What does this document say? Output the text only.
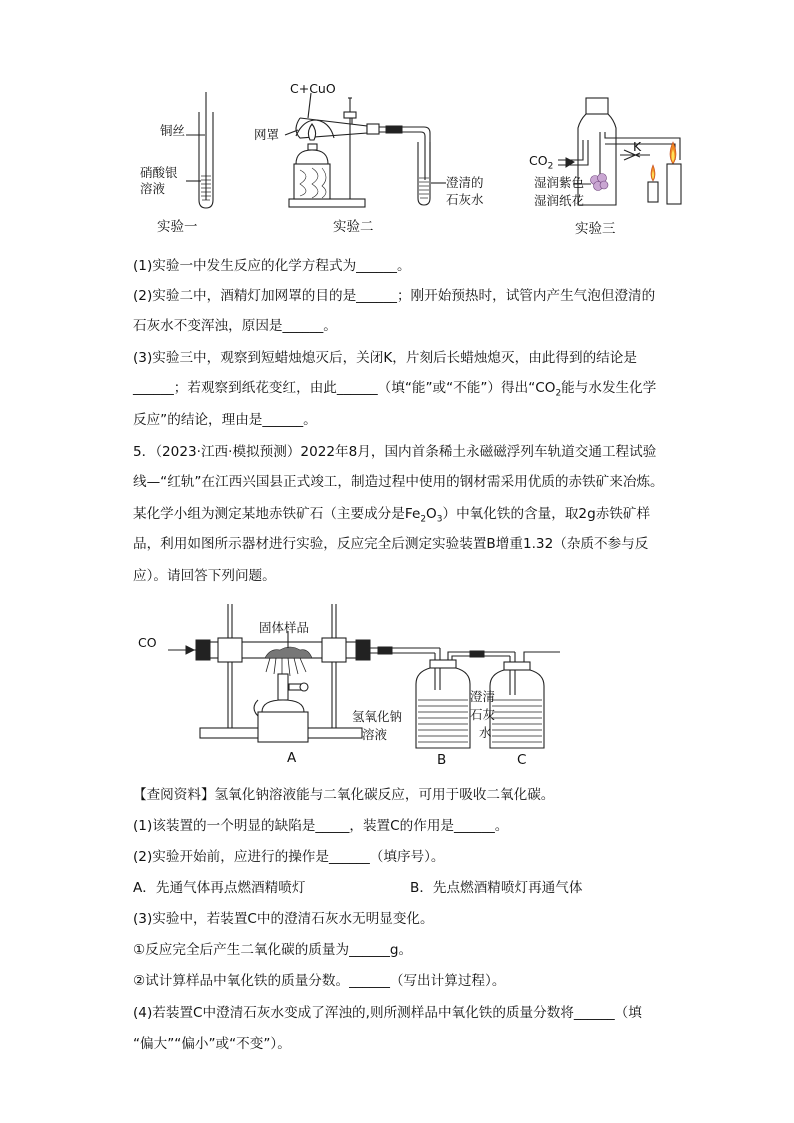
铜丝
硝酸银
溶液
实验一
C+CuO
网罩
澄清的
石灰水
实验二
$CO_2$
K
湿润紫色
湿润纸花
实验三
(1)实验一中发生反应的化学方程式为______。
(2)实验二中，酒精灯加网罩的目的是______；刚开始预热时，试管内产生气泡但澄清的
石灰水不变浑浊，原因是______。
(3)实验三中，观察到短蜡烛熄灭后，关闭K，片刻后长蜡烛熄灭，由此得到的结论是
______；若观察到纸花变红，由此______（填“能”或“不能”）得出“$CO_2$能与水发生化学
反应”的结论，理由是______。
5．（2023·江西·模拟预测）2022年8月，国内首条稀土永磁磁浮列车轨道交通工程试验
线—“红轨”在江西兴国县正式竣工，制造过程中使用的钢材需采用优质的赤铁矿来冶炼。
某化学小组为测定某地赤铁矿石（主要成分是$Fe_2O_3$）中氧化铁的含量，取2g赤铁矿样
品，利用如图所示器材进行实验，反应完全后测定实验装置B增重1.32（杂质不参与反
应）。请回答下列问题。
CO
固体样品
氢氧化钠
溶液
澄清
石灰
水
A	B	C
【查阅资料】氢氧化钠溶液能与二氧化碳反应，可用于吸收二氧化碳。
(1)该装置的一个明显的缺陷是_____，装置C的作用是______。
(2)实验开始前，应进行的操作是______（填序号）。
A．先通气体再点燃酒精喷灯	B．先点燃酒精喷灯再通气体
(3)实验中，若装置C中的澄清石灰水无明显变化。
①反应完全后产生二氧化碳的质量为______g。
②试计算样品中氧化铁的质量分数。______（写出计算过程）。
(4)若装置C中澄清石灰水变成了浑浊的,则所测样品中氧化铁的质量分数将______（填
“偏大”“偏小”或“不变”）。
